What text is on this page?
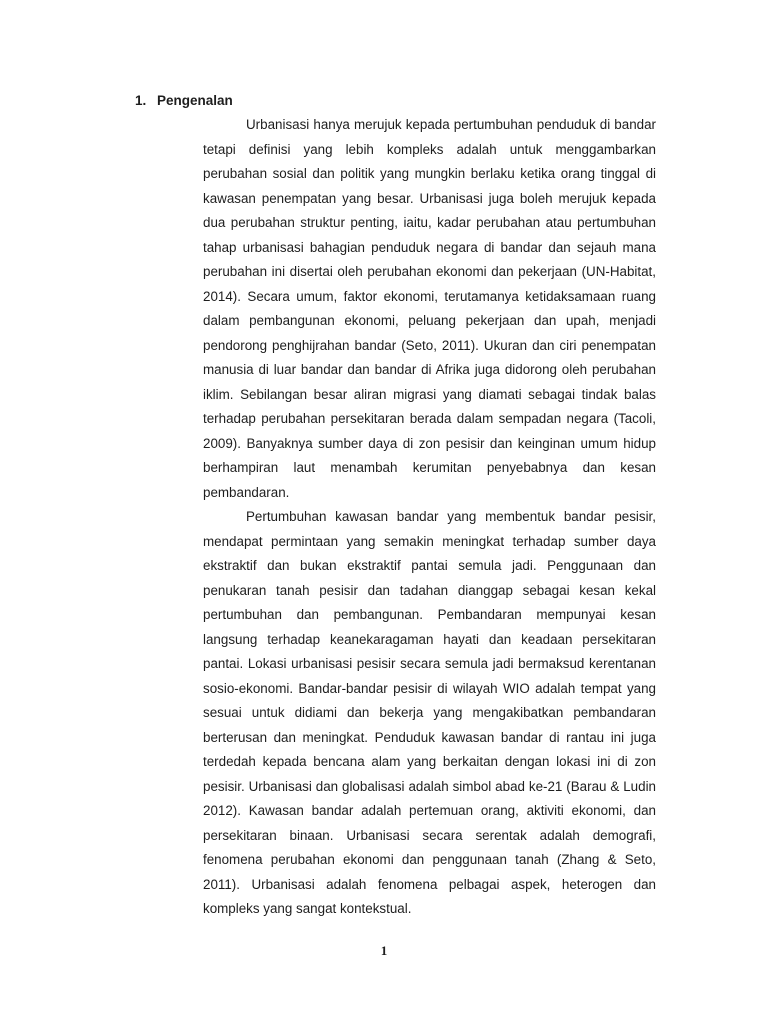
1. Pengenalan

Urbanisasi hanya merujuk kepada pertumbuhan penduduk di bandar tetapi definisi yang lebih kompleks adalah untuk menggambarkan perubahan sosial dan politik yang mungkin berlaku ketika orang tinggal di kawasan penempatan yang besar. Urbanisasi juga boleh merujuk kepada dua perubahan struktur penting, iaitu, kadar perubahan atau pertumbuhan tahap urbanisasi bahagian penduduk negara di bandar dan sejauh mana perubahan ini disertai oleh perubahan ekonomi dan pekerjaan (UN-Habitat, 2014). Secara umum, faktor ekonomi, terutamanya ketidaksamaan ruang dalam pembangunan ekonomi, peluang pekerjaan dan upah, menjadi pendorong penghijrahan bandar (Seto, 2011). Ukuran dan ciri penempatan manusia di luar bandar dan bandar di Afrika juga didorong oleh perubahan iklim. Sebilangan besar aliran migrasi yang diamati sebagai tindak balas terhadap perubahan persekitaran berada dalam sempadan negara (Tacoli, 2009). Banyaknya sumber daya di zon pesisir dan keinginan umum hidup berhampiran laut menambah kerumitan penyebabnya dan kesan pembandaran.

Pertumbuhan kawasan bandar yang membentuk bandar pesisir, mendapat permintaan yang semakin meningkat terhadap sumber daya ekstraktif dan bukan ekstraktif pantai semula jadi. Penggunaan dan penukaran tanah pesisir dan tadahan dianggap sebagai kesan kekal pertumbuhan dan pembangunan. Pembandaran mempunyai kesan langsung terhadap keanekaragaman hayati dan keadaan persekitaran pantai. Lokasi urbanisasi pesisir secara semula jadi bermaksud kerentanan sosio-ekonomi. Bandar-bandar pesisir di wilayah WIO adalah tempat yang sesuai untuk didiami dan bekerja yang mengakibatkan pembandaran berterusan dan meningkat. Penduduk kawasan bandar di rantau ini juga terdedah kepada bencana alam yang berkaitan dengan lokasi ini di zon pesisir. Urbanisasi dan globalisasi adalah simbol abad ke-21 (Barau & Ludin 2012). Kawasan bandar adalah pertemuan orang, aktiviti ekonomi, dan persekitaran binaan. Urbanisasi secara serentak adalah demografi, fenomena perubahan ekonomi dan penggunaan tanah (Zhang & Seto, 2011). Urbanisasi adalah fenomena pelbagai aspek, heterogen dan kompleks yang sangat kontekstual.

1
